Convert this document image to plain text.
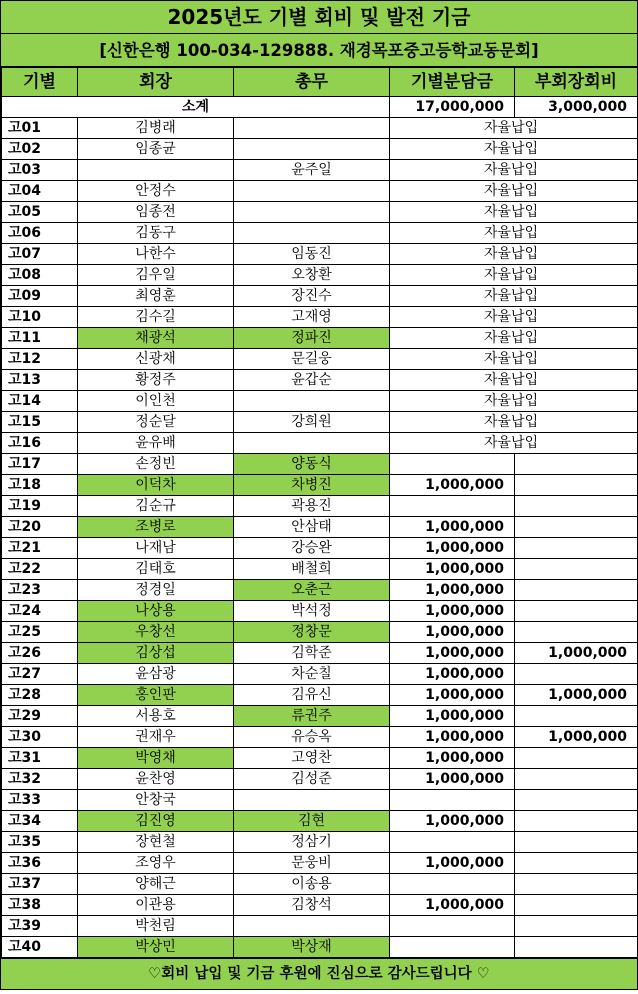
2025년도 기별 회비 및 발전 기금
[신한은행 100-034-129888. 재경목포중고등학교동문회]
기별	회장	총무	기별분담금	부회장회비
소계			17,000,000	3,000,000
고01	김병래		자율납입	
고02	임종균		자율납입	
고03		윤주일	자율납입	
고04	안정수		자율납입	
고05	임종전		자율납입	
고06	김동구		자율납입	
고07	나한수	임동진	자율납입	
고08	김우일	오창환	자율납입	
고09	최영훈	장진수	자율납입	
고10	김수길	고재영	자율납입	
고11	채광석	정파진	자율납입	
고12	신광채	문길웅	자율납입	
고13	황정주	윤갑순	자율납입	
고14	이인천		자율납입	
고15	정순달	강희원	자율납입	
고16	윤유배		자율납입	
고17	손정빈	양동식		
고18	이덕차	차병진	1,000,000	
고19	김순규	곽용진		
고20	조병로	안삼태	1,000,000	
고21	나재남	강승완	1,000,000	
고22	김태호	배철희	1,000,000	
고23	정경일	오춘근	1,000,000	
고24	나상용	박석정	1,000,000	
고25	우창선	정창문	1,000,000	
고26	김상섭	김학준	1,000,000	1,000,000
고27	윤삼광	차순칠	1,000,000	
고28	홍인판	김유신	1,000,000	1,000,000
고29	서용호	류권주	1,000,000	
고30	권재우	유승옥	1,000,000	1,000,000
고31	박영채	고영찬	1,000,000	
고32	윤찬영	김성준	1,000,000	
고33	안창국			
고34	김진영	김현	1,000,000	
고35	장현철	정삼기		
고36	조영우	문웅비	1,000,000	
고37	양해근	이송용		
고38	이관용	김창석	1,000,000	
고39	박천림			
고40	박상민	박상재		
♡회비 납입 및 기금 후원에 진심으로 감사드립니다 ♡
